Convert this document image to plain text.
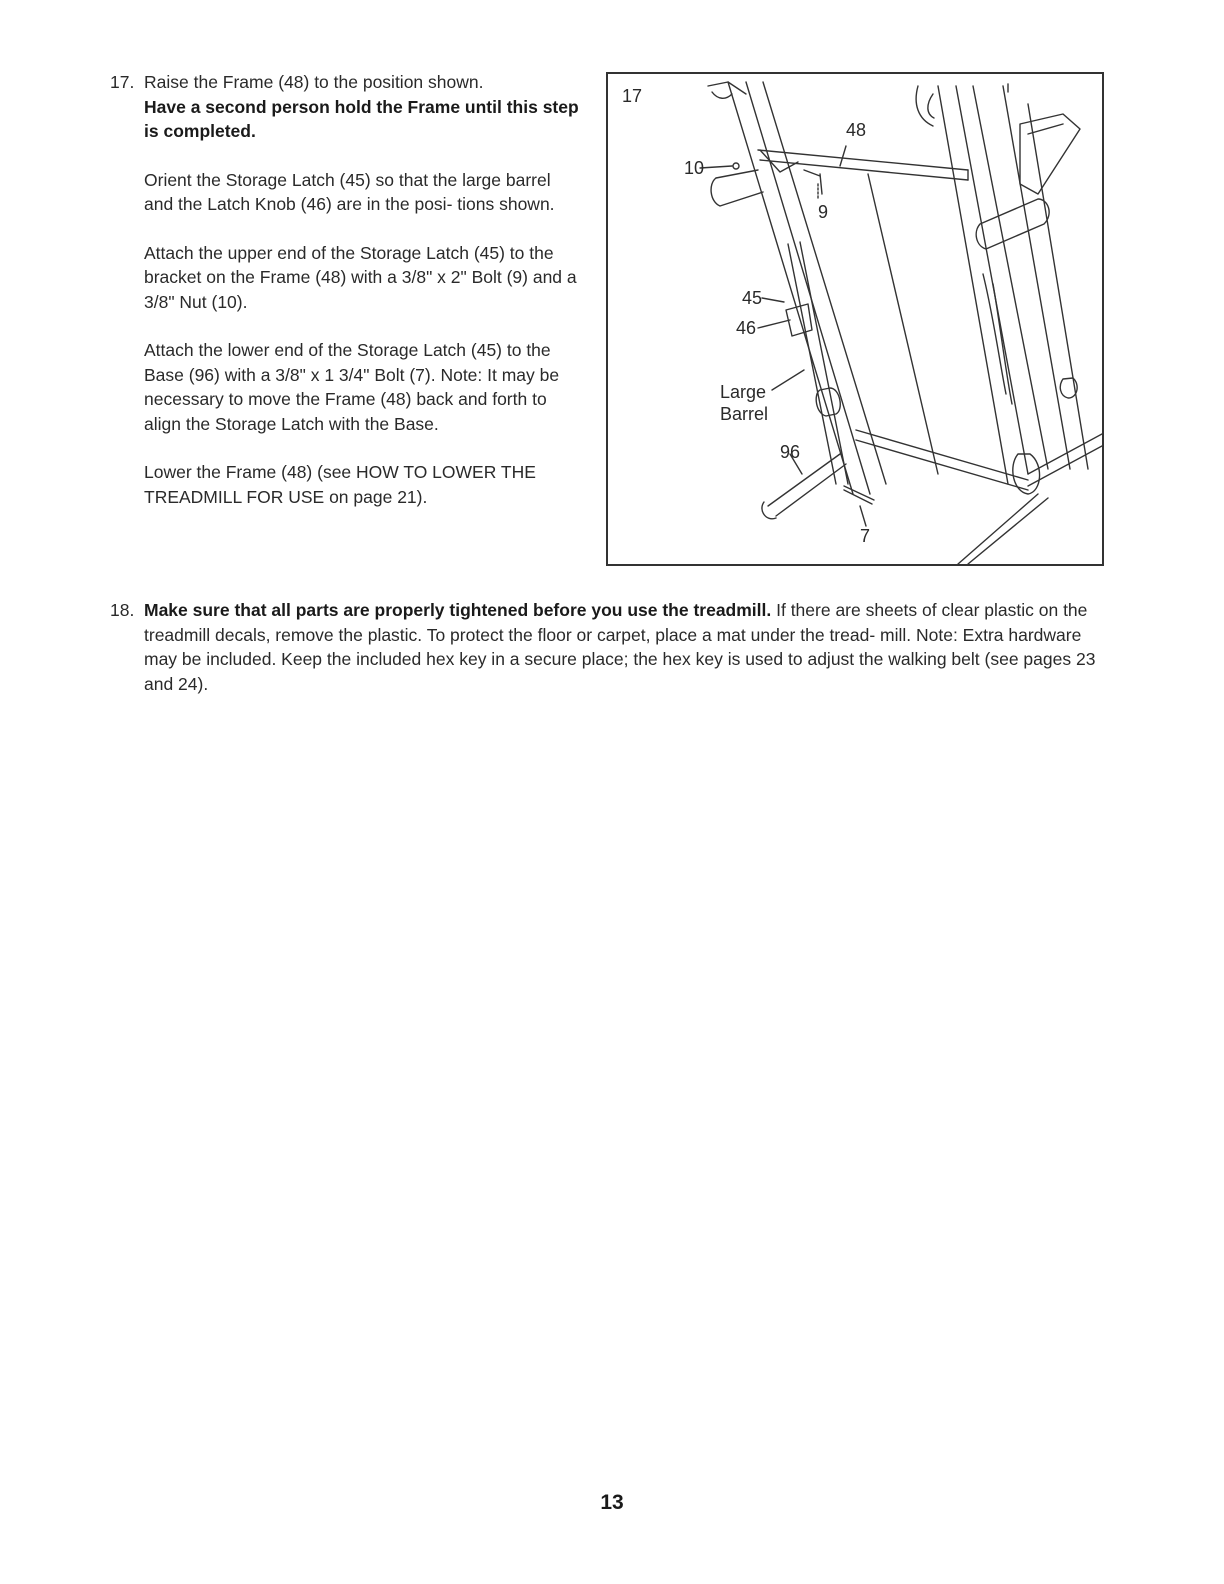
17. Raise the Frame (48) to the position shown.
Have a second person hold the Frame until this step is completed.

Orient the Storage Latch (45) so that the large barrel and the Latch Knob (46) are in the posi- tions shown.

Attach the upper end of the Storage Latch (45) to the bracket on the Frame (48) with a 3/8" x 2" Bolt (9) and a 3/8" Nut (10).

Attach the lower end of the Storage Latch (45) to the Base (96) with a 3/8" x 1 3/4" Bolt (7). Note: It may be necessary to move the Frame (48) back and forth to align the Storage Latch with the Base.

Lower the Frame (48) (see HOW TO LOWER THE TREADMILL FOR USE on page 21).

17
48
10
9
45
46
Large
Barrel
96
7
18. Make sure that all parts are properly tightened before you use the treadmill. If there are sheets of clear plastic on the treadmill decals, remove the plastic. To protect the floor or carpet, place a mat under the tread- mill. Note: Extra hardware may be included. Keep the included hex key in a secure place; the hex key is used to adjust the walking belt (see pages 23 and 24).
13
